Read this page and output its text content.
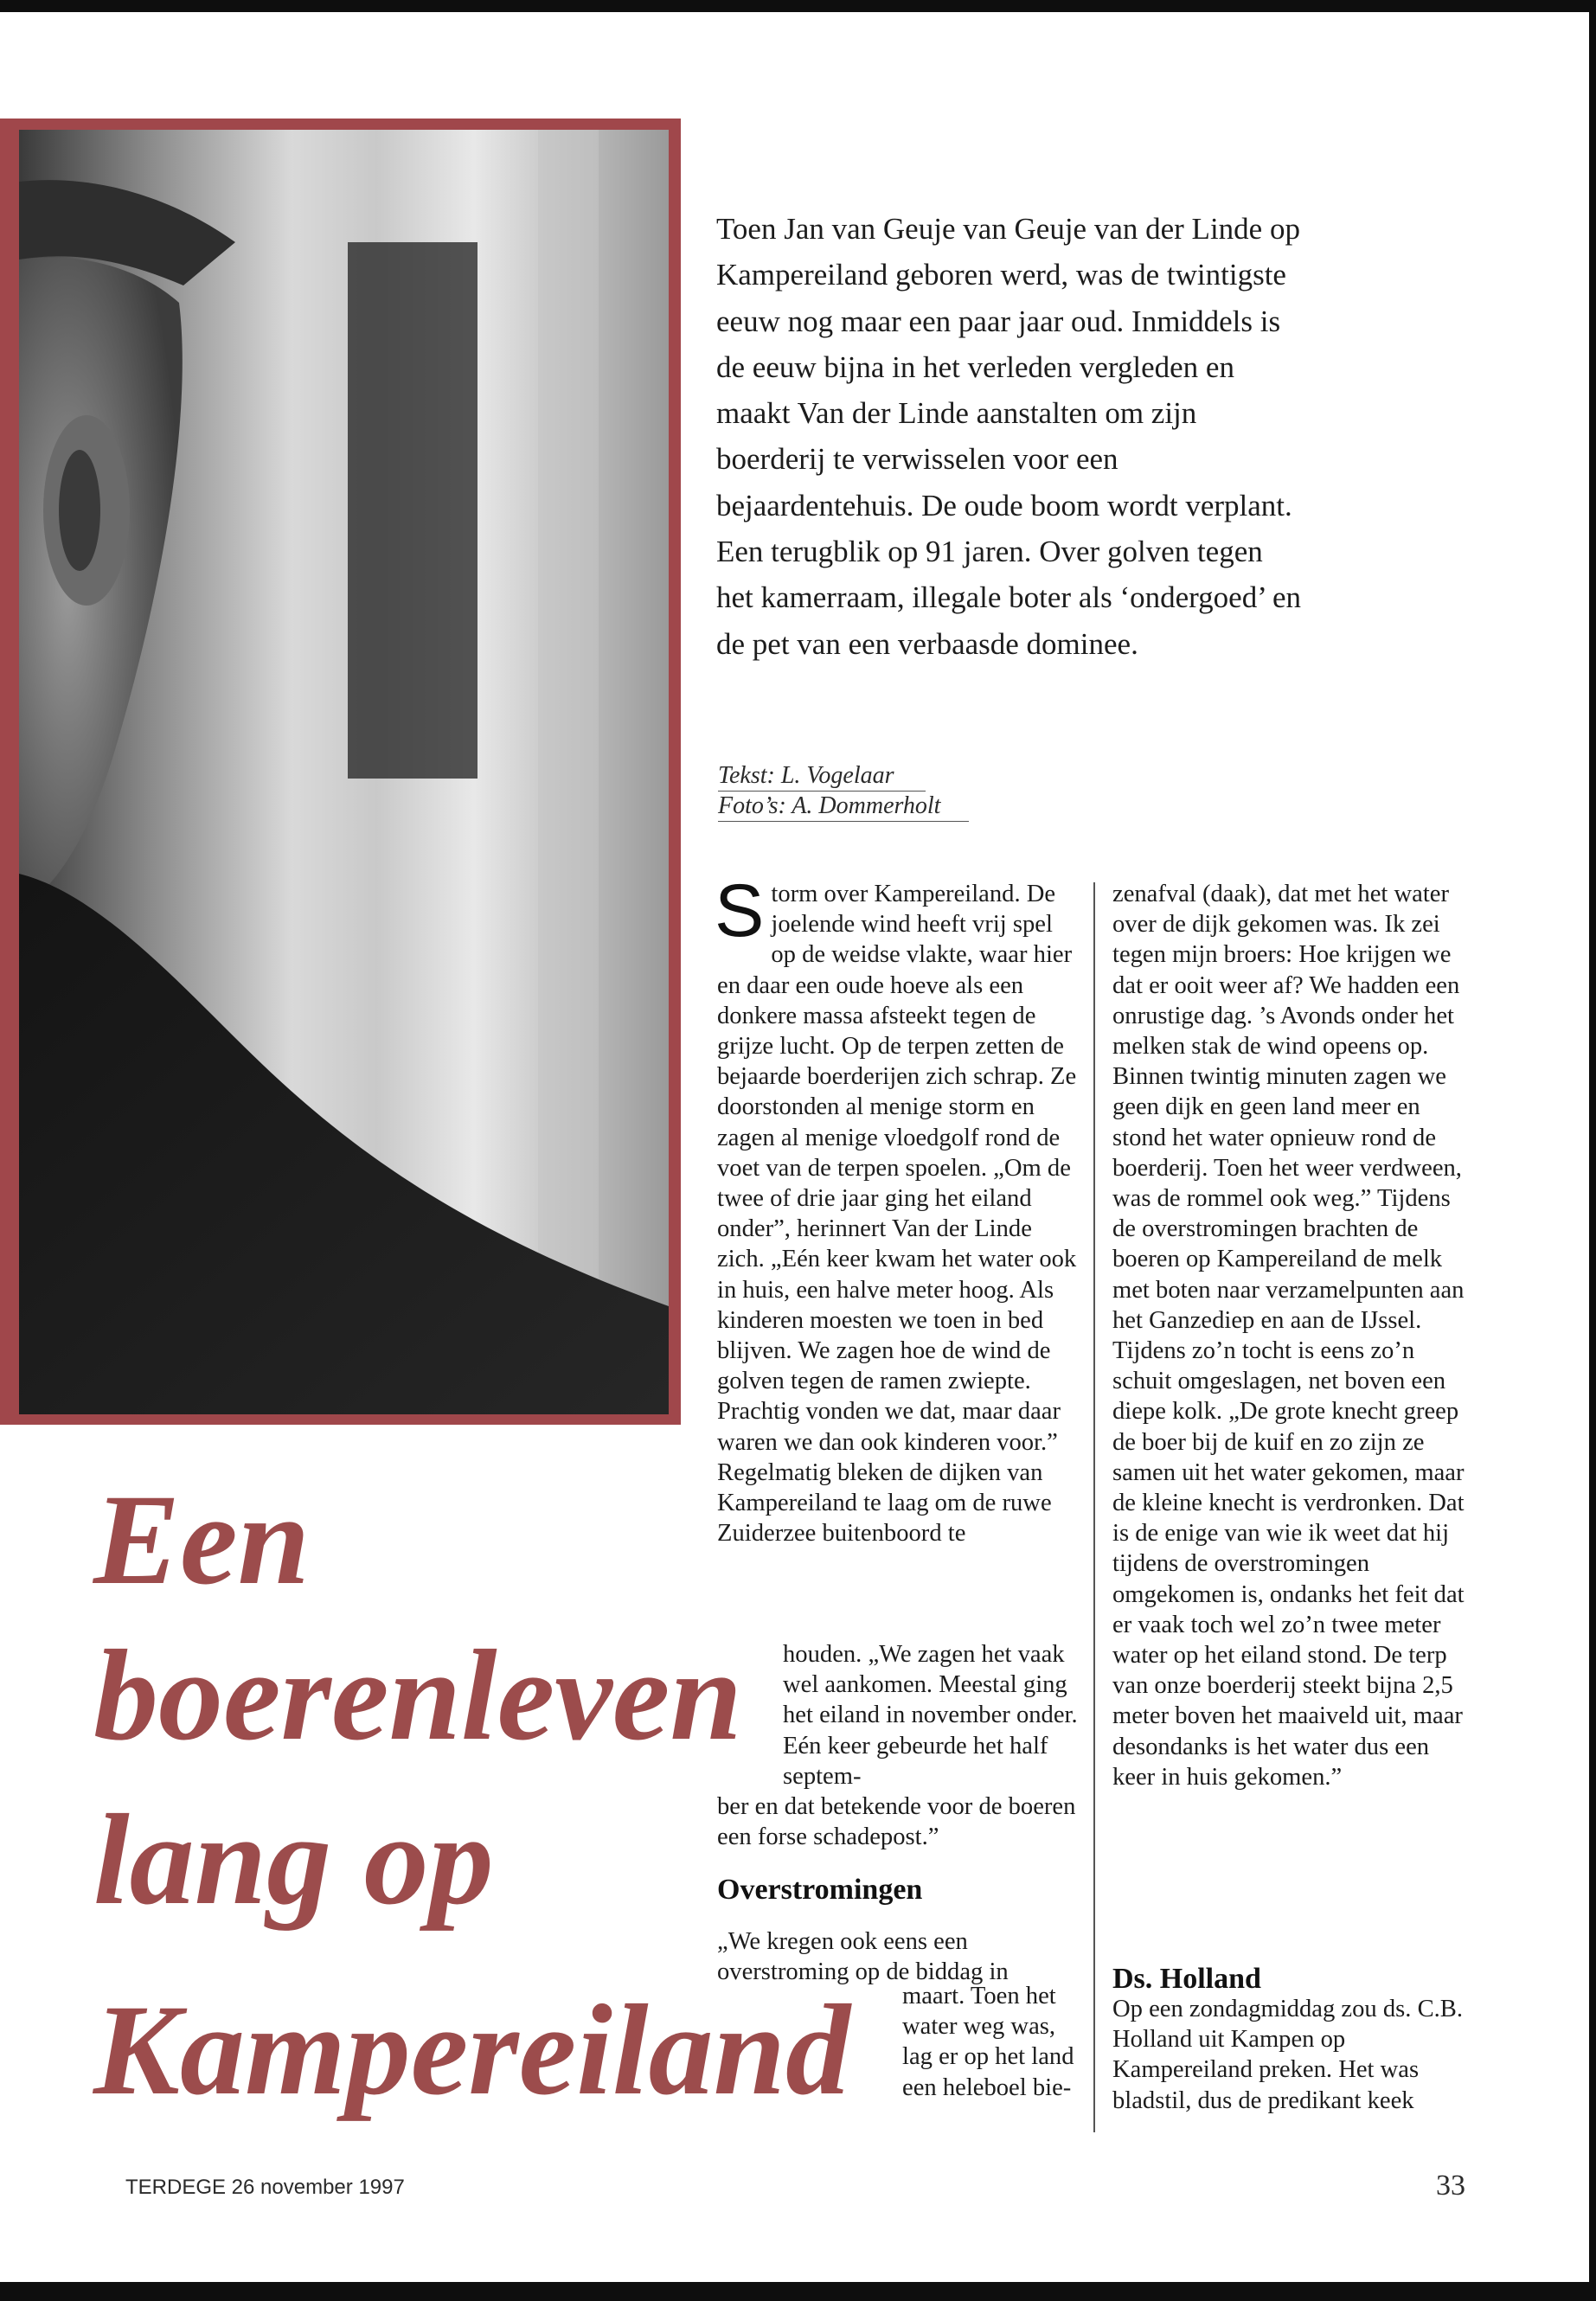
Toen Jan van Geuje van Geuje van der Linde op Kampereiland geboren werd, was de twintigste eeuw nog maar een paar jaar oud. Inmiddels is de eeuw bijna in het verleden vergleden en maakt Van der Linde aanstalten om zijn boerderij te verwisselen voor een bejaardentehuis. De oude boom wordt verplant. Een terugblik op 91 jaren. Over golven tegen het kamerraam, illegale boter als ‘ondergoed’ en de pet van een verbaasde dominee.

Tekst: L. Vogelaar
Foto’s: A. Dommerholt

Storm over Kampereiland. De joelende wind heeft vrij spel op de weidse vlakte, waar hier en daar een oude hoeve als een donkere massa afsteekt tegen de grijze lucht. Op de terpen zetten de bejaarde boerderijen zich schrap. Ze doorstonden al menige storm en zagen al menige vloedgolf rond de voet van de terpen spoelen. „Om de twee of drie jaar ging het eiland onder”, herinnert Van der Linde zich. „Eén keer kwam het water ook in huis, een halve meter hoog. Als kinderen moesten we toen in bed blijven. We zagen hoe de wind de golven tegen de ramen zwiepte. Prachtig vonden we dat, maar daar waren we dan ook kinderen voor.” Regelmatig bleken de dijken van Kampereiland te laag om de ruwe Zuiderzee buitenboord te

houden. „We zagen het vaak wel aankomen. Meestal ging het eiland in november onder. Eén keer gebeurde het half septem-

ber en dat betekende voor de boeren een forse schadepost.”

Overstromingen

„We kregen ook eens een overstroming op de biddag in

maart. Toen het water weg was, lag er op het land een heleboel bie-

zenafval (daak), dat met het water over de dijk gekomen was. Ik zei tegen mijn broers: Hoe krijgen we dat er ooit weer af? We hadden een onrustige dag. ’s Avonds onder het melken stak de wind opeens op. Binnen twintig minuten zagen we geen dijk en geen land meer en stond het water opnieuw rond de boerderij. Toen het weer verdween, was de rommel ook weg.” Tijdens de overstromingen brachten de boeren op Kampereiland de melk met boten naar verzamelpunten aan het Ganzediep en aan de IJssel. Tijdens zo’n tocht is eens zo’n schuit omgeslagen, net boven een diepe kolk. „De grote knecht greep de boer bij de kuif en zo zijn ze samen uit het water gekomen, maar de kleine knecht is verdronken. Dat is de enige van wie ik weet dat hij tijdens de overstromingen omgekomen is, ondanks het feit dat er vaak toch wel zo’n twee meter water op het eiland stond. De terp van onze boerderij steekt bijna 2,5 meter boven het maaiveld uit, maar desondanks is het water dus een keer in huis gekomen.”

Ds. Holland

Op een zondagmiddag zou ds. C.B. Holland uit Kampen op Kampereiland preken. Het was bladstil, dus de predikant keek

Een
boerenleven
lang op
Kampereiland
TERDEGE 26 november 1997	33
